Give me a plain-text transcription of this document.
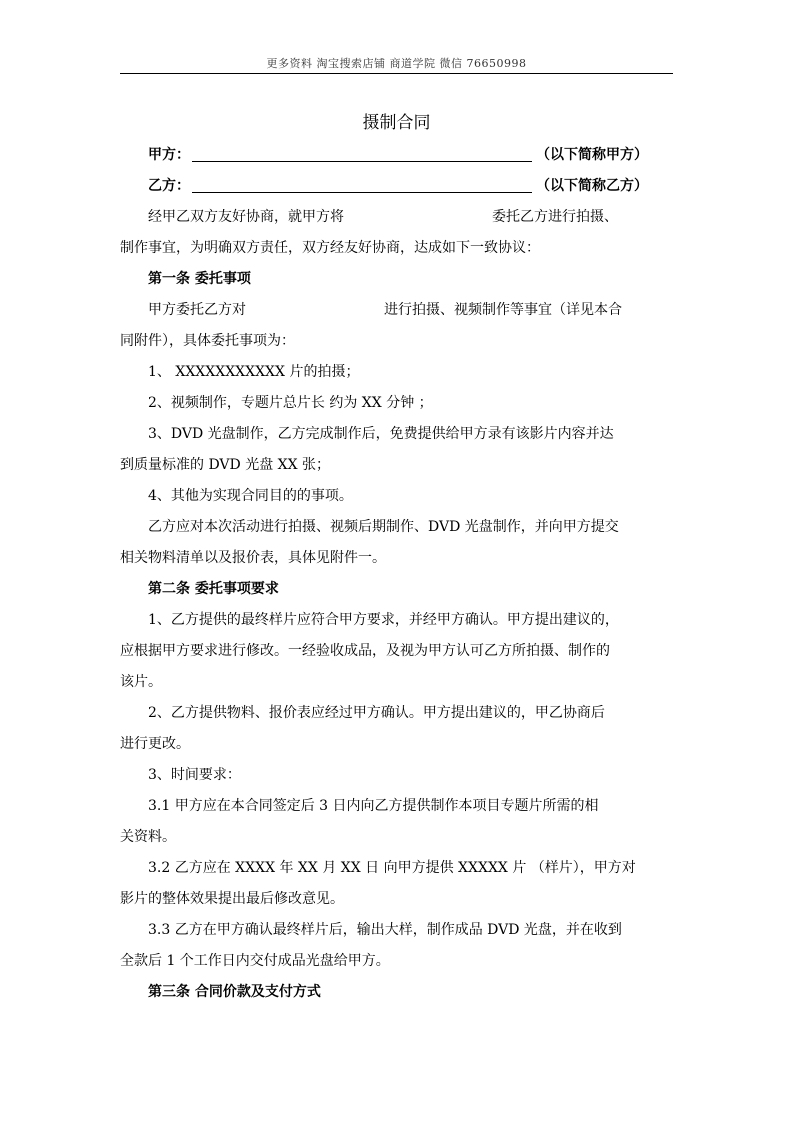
更多资料 淘宝搜索店铺 商道学院 微信 76650998
摄制合同
甲方：	（以下简称甲方）
乙方：	（以下简称乙方）
经甲乙双方友好协商，就甲方将	委托乙方进行拍摄、
制作事宜，为明确双方责任，双方经友好协商，达成如下一致协议：
第一条 委托事项
甲方委托乙方对	进行拍摄、视频制作等事宜（详见本合
同附件），具体委托事项为：
1、 XXXXXXXXXXX 片的拍摄；
2、视频制作，专题片总片长 约为 XX 分钟 ；
3、DVD 光盘制作，乙方完成制作后，免费提供给甲方录有该影片内容并达
到质量标准的 DVD 光盘 XX 张；
4、其他为实现合同目的的事项。
乙方应对本次活动进行拍摄、视频后期制作、DVD 光盘制作，并向甲方提交
相关物料清单以及报价表，具体见附件一。
第二条 委托事项要求
1、乙方提供的最终样片应符合甲方要求，并经甲方确认。甲方提出建议的，
应根据甲方要求进行修改。一经验收成品，及视为甲方认可乙方所拍摄、制作的
该片。
2、乙方提供物料、报价表应经过甲方确认。甲方提出建议的，甲乙协商后
进行更改。
3、时间要求：
3.1 甲方应在本合同签定后 3 日内向乙方提供制作本项目专题片所需的相
关资料。
3.2 乙方应在 XXXX 年 XX 月 XX 日 向甲方提供 XXXXX 片 （样片），甲方对
影片的整体效果提出最后修改意见。
3.3 乙方在甲方确认最终样片后，输出大样，制作成品 DVD 光盘，并在收到
全款后 1 个工作日内交付成品光盘给甲方。
第三条 合同价款及支付方式
